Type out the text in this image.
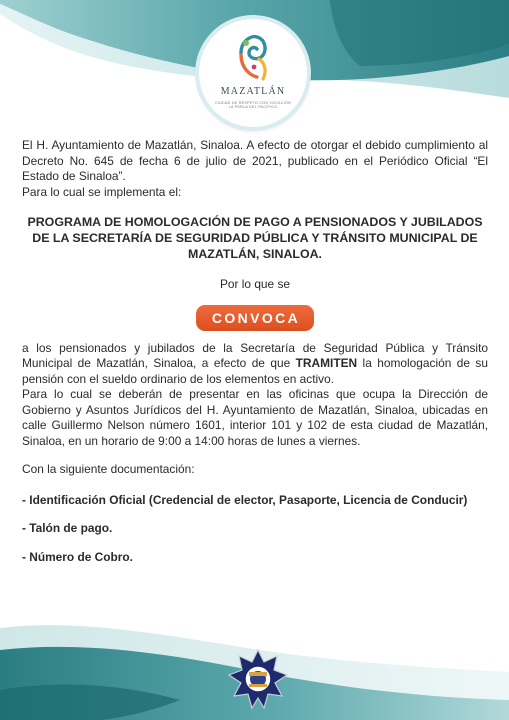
MAZATLÁN
CIUDAD DE RESPETO CON VOCACIÓN
LA PERLA DEL PACÍFICO

El H. Ayuntamiento de Mazatlán, Sinaloa. A efecto de otorgar el debido cumplimiento al Decreto No. 645 de fecha 6 de julio de 2021, publicado en el Periódico Oficial “El Estado de Sinaloa”.

Para lo cual se implementa el:

PROGRAMA DE HOMOLOGACIÓN DE PAGO A PENSIONADOS Y JUBILADOS DE LA SECRETARÍA DE SEGURIDAD PÚBLICA Y TRÁNSITO MUNICIPAL DE MAZATLÁN, SINALOA.

Por lo que se

CONVOCA

a los pensionados y jubilados de la Secretaría de Seguridad Pública y Tránsito Municipal de Mazatlán, Sinaloa, a efecto de que TRAMITEN la homologación de su pensión con el sueldo ordinario de los elementos en activo.

Para lo cual se deberán de presentar en las oficinas que ocupa la Dirección de Gobierno y Asuntos Jurídicos del H. Ayuntamiento de Mazatlán, Sinaloa, ubicadas en calle Guillermo Nelson número 1601, interior 101 y 102 de esta ciudad de Mazatlán, Sinaloa, en un horario de 9:00 a 14:00 horas de lunes a viernes.

Con la siguiente documentación:

- Identificación Oficial (Credencial de elector, Pasaporte, Licencia de Conducir)

- Talón de pago.

- Número de Cobro.
